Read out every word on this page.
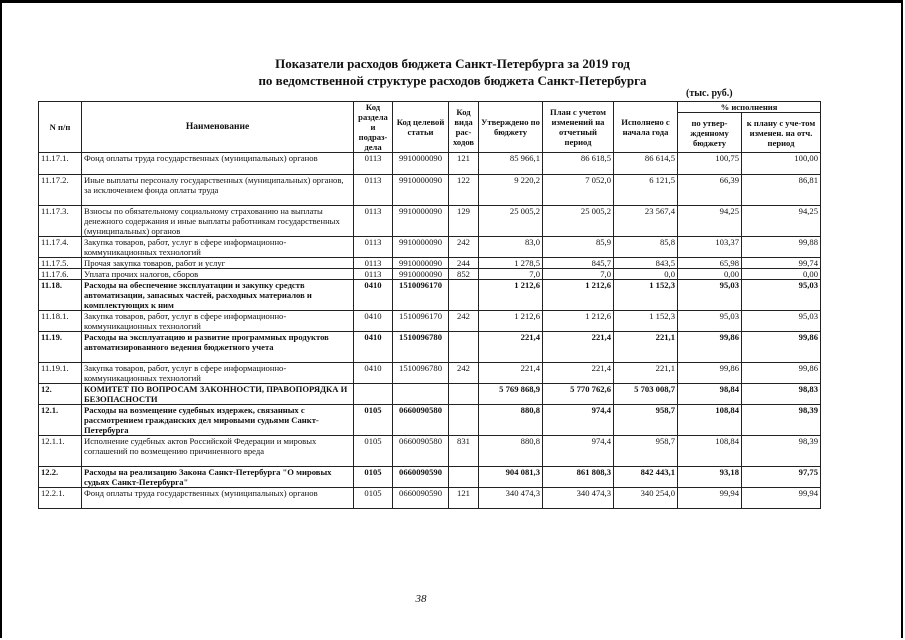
Показатели расходов бюджета Санкт-Петербурга за 2019 год
по ведомственной структуре расходов бюджета Санкт-Петербурга
(тыс. руб.)
N п/п	Наименование	Код раздела и подраз-дела	Код целевой статьи	Код вида рас-ходов	Утверждено по бюджету	План с учетом изменений на отчетный период	Исполнено с начала года	% исполнения	
								по утвер-жденному бюджету	к плану с уче-том изменен. на отч. период
11.17.1.	Фонд оплаты труда государственных (муниципальных) органов	0113	9910000090	121	85 966,1	86 618,5	86 614,5	100,75	100,00
11.17.2.	Иные выплаты персоналу государственных (муниципальных) органов, за исключением фонда оплаты труда	0113	9910000090	122	9 220,2	7 052,0	6 121,5	66,39	86,81
11.17.3.	Взносы по обязательному социальному страхованию на выплаты денежного содержания и иные выплаты работникам государственных (муниципальных) органов	0113	9910000090	129	25 005,2	25 005,2	23 567,4	94,25	94,25
11.17.4.	Закупка товаров, работ, услуг в сфере информационно-коммуникационных технологий	0113	9910000090	242	83,0	85,9	85,8	103,37	99,88
11.17.5.	Прочая закупка товаров, работ и услуг	0113	9910000090	244	1 278,5	845,7	843,5	65,98	99,74
11.17.6.	Уплата прочих налогов, сборов	0113	9910000090	852	7,0	7,0	0,0	0,00	0,00
11.18.	Расходы на обеспечение эксплуатации и закупку средств автоматизации, запасных частей, расходных материалов и комплектующих к ним	0410	1510096170		1 212,6	1 212,6	1 152,3	95,03	95,03
11.18.1.	Закупка товаров, работ, услуг в сфере информационно-коммуникационных технологий	0410	1510096170	242	1 212,6	1 212,6	1 152,3	95,03	95,03
11.19.	Расходы на эксплуатацию и развитие программных продуктов автоматизированного ведения бюджетного учета	0410	1510096780		221,4	221,4	221,1	99,86	99,86
11.19.1.	Закупка товаров, работ, услуг в сфере информационно-коммуникационных технологий	0410	1510096780	242	221,4	221,4	221,1	99,86	99,86
12.	КОМИТЕТ ПО ВОПРОСАМ ЗАКОННОСТИ, ПРАВОПОРЯДКА И БЕЗОПАСНОСТИ				5 769 868,9	5 770 762,6	5 703 008,7	98,84	98,83
12.1.	Расходы на возмещение судебных издержек, связанных с рассмотрением гражданских дел мировыми судьями Санкт-Петербурга	0105	0660090580		880,8	974,4	958,7	108,84	98,39
12.1.1.	Исполнение судебных актов Российской Федерации и мировых соглашений по возмещению причиненного вреда	0105	0660090580	831	880,8	974,4	958,7	108,84	98,39
12.2.	Расходы на реализацию Закона Санкт-Петербурга "О мировых судьях Санкт-Петербурга"	0105	0660090590		904 081,3	861 808,3	842 443,1	93,18	97,75
12.2.1.	Фонд оплаты труда государственных (муниципальных) органов	0105	0660090590	121	340 474,3	340 474,3	340 254,0	99,94	99,94
38
